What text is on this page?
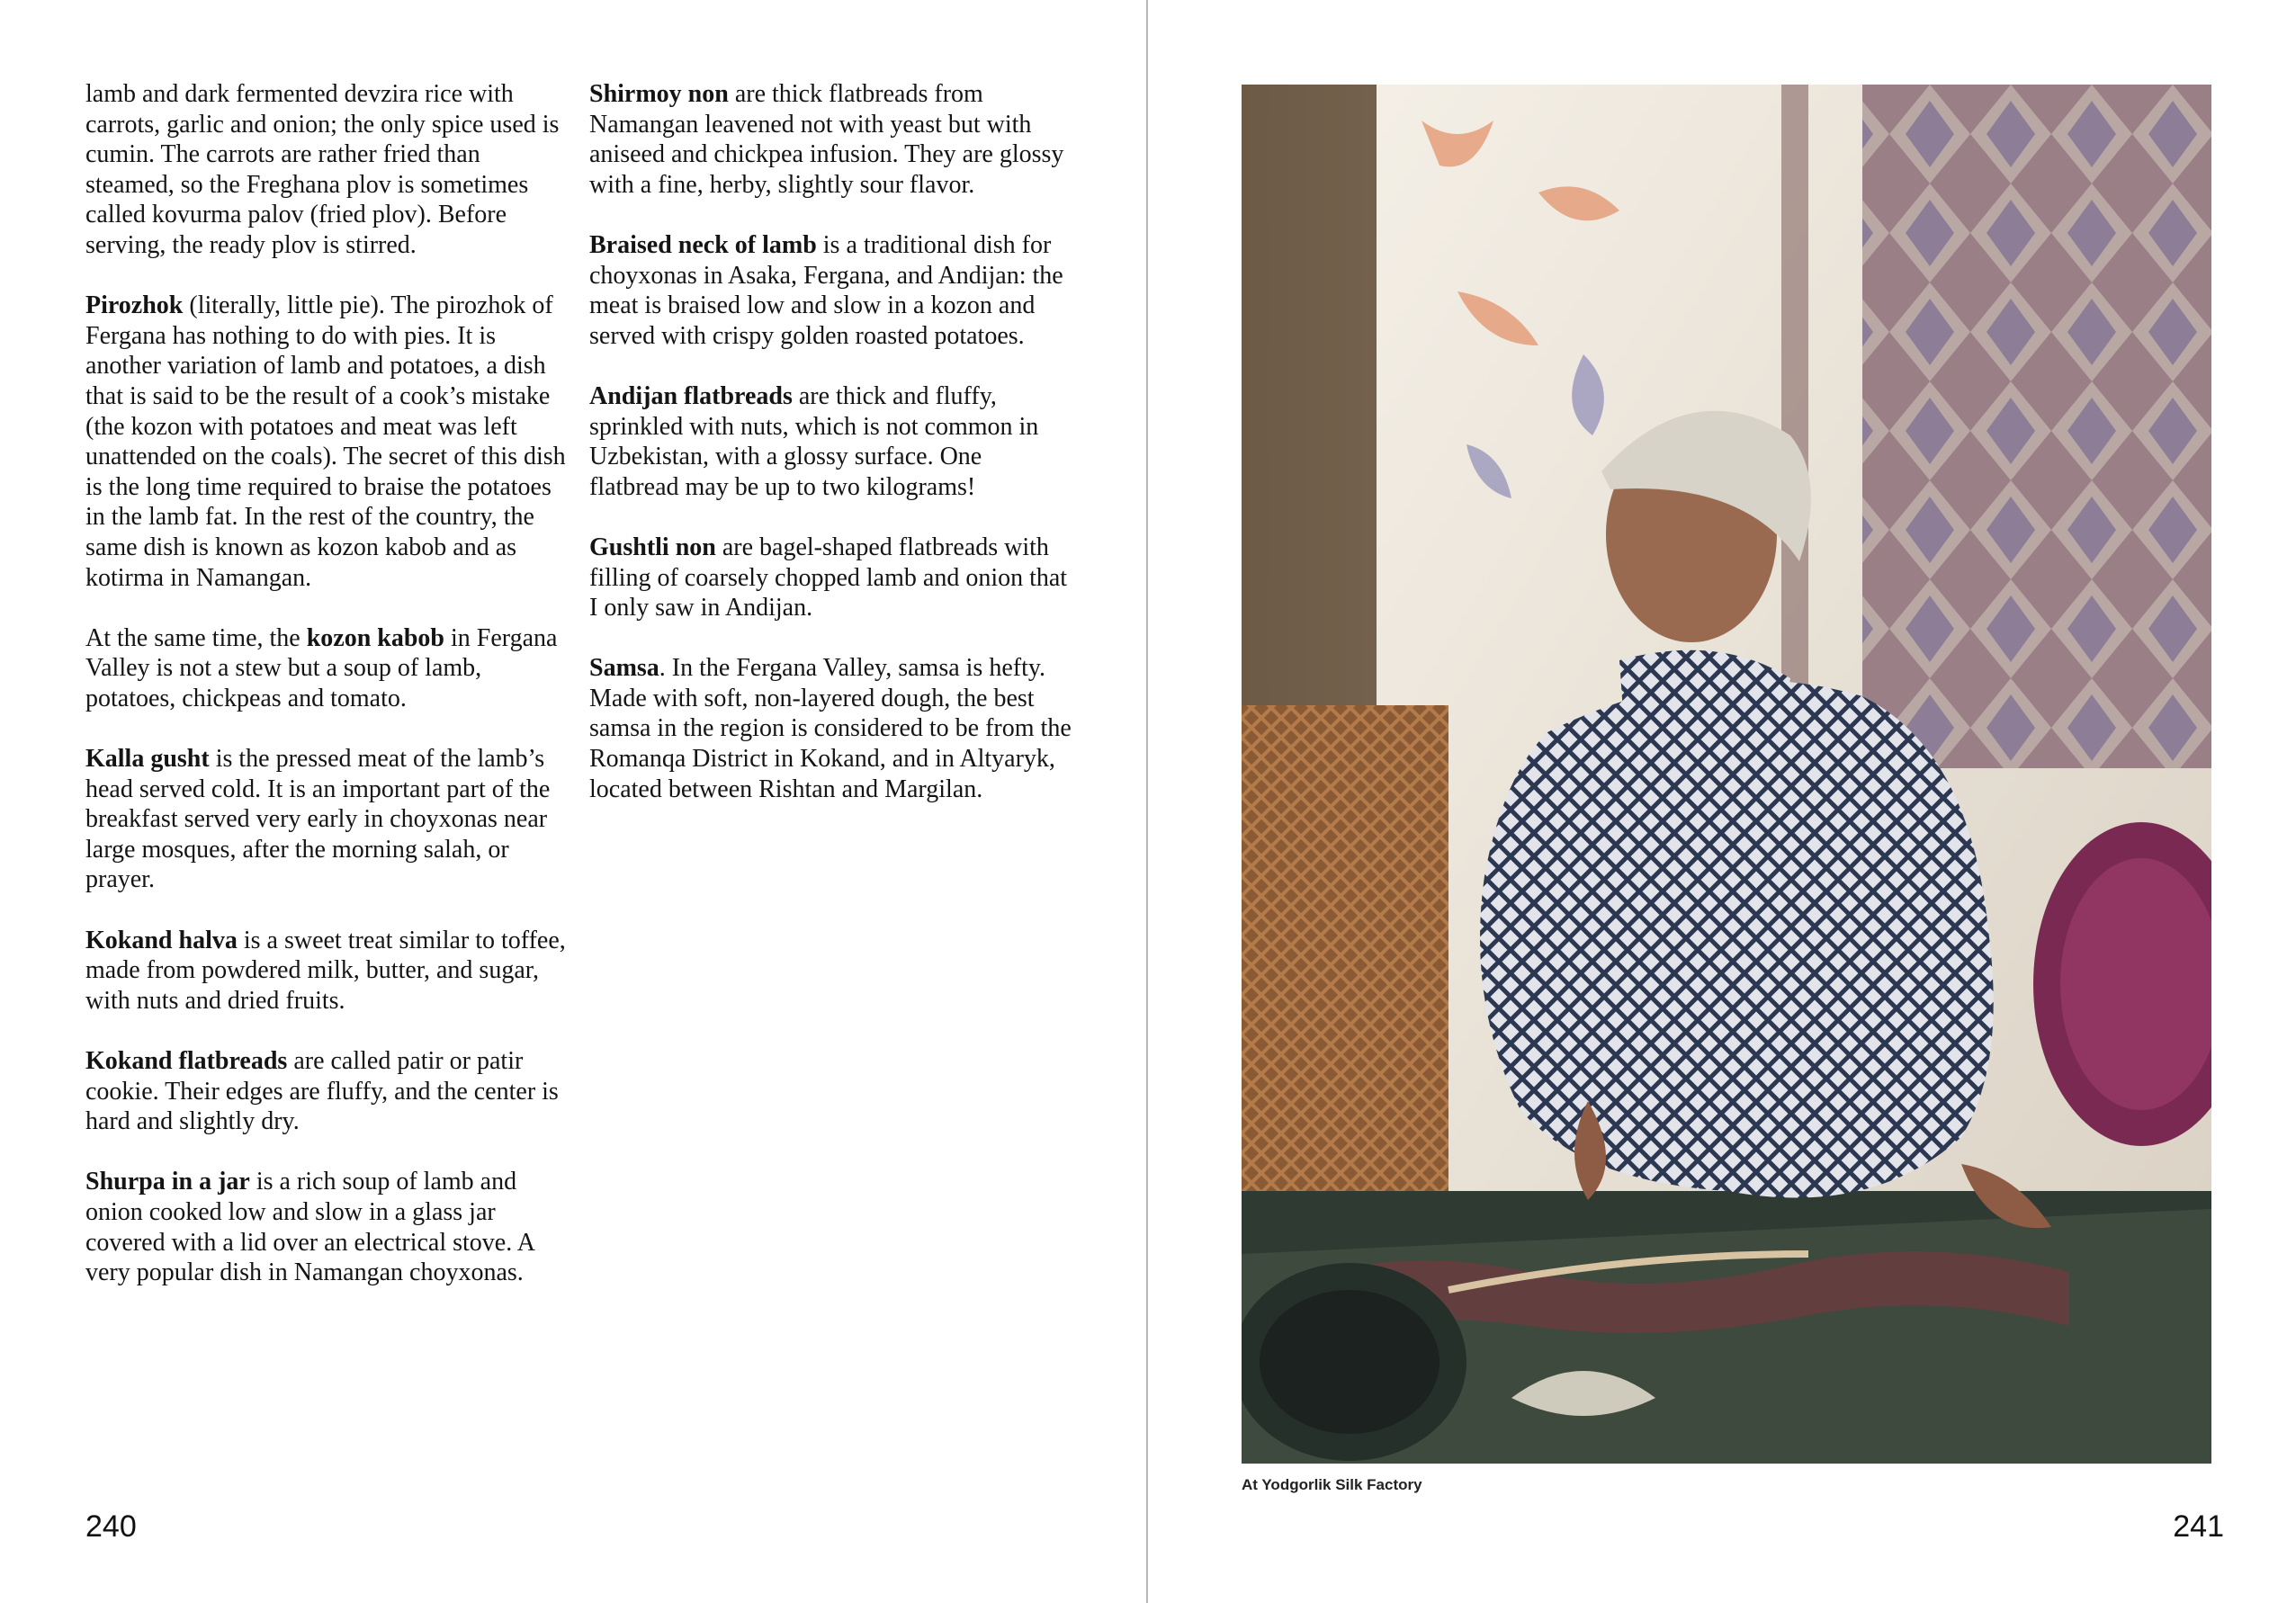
lamb and dark fermented devzira rice with carrots, garlic and onion; the only spice used is cumin. The carrots are rather fried than steamed, so the Freghana plov is sometimes called kovurma palov (fried plov). Before serving, the ready plov is stirred.

Pirozhok (literally, little pie). The pirozhok of Fergana has nothing to do with pies. It is another variation of lamb and potatoes, a dish that is said to be the result of a cook’s mistake (the kozon with potatoes and meat was left unattended on the coals). The secret of this dish is the long time required to braise the potatoes in the lamb fat. In the rest of the country, the same dish is known as kozon kabob and as kotirma in Namangan.

At the same time, the kozon kabob in Fergana Valley is not a stew but a soup of lamb, potatoes, chickpeas and tomato.

Kalla gusht is the pressed meat of the lamb’s head served cold. It is an important part of the breakfast served very early in choyxonas near large mosques, after the morning salah, or prayer.

Kokand halva is a sweet treat similar to toffee, made from powdered milk, butter, and sugar, with nuts and dried fruits.

Kokand flatbreads are called patir or patir cookie. Their edges are fluffy, and the center is hard and slightly dry.

Shurpa in a jar is a rich soup of lamb and onion cooked low and slow in a glass jar covered with a lid over an electrical stove. A very popular dish in Namangan choyxonas.

Shirmoy non are thick flatbreads from Namangan leavened not with yeast but with aniseed and chickpea infusion. They are glossy with a fine, herby, slightly sour flavor.

Braised neck of lamb is a traditional dish for choyxonas in Asaka, Fergana, and Andijan: the meat is braised low and slow in a kozon and served with crispy golden roasted potatoes.

Andijan flatbreads are thick and fluffy, sprinkled with nuts, which is not common in Uzbekistan, with a glossy surface. One flatbread may be up to two kilograms!

Gushtli non are bagel-shaped flatbreads with filling of coarsely chopped lamb and onion that I only saw in Andijan.

Samsa. In the Fergana Valley, samsa is hefty. Made with soft, non-layered dough, the best samsa in the region is considered to be from the Romanqa District in Kokand, and in Altyaryk, located between Rishtan and Margilan.

240
At Yodgorlik Silk Factory
241
